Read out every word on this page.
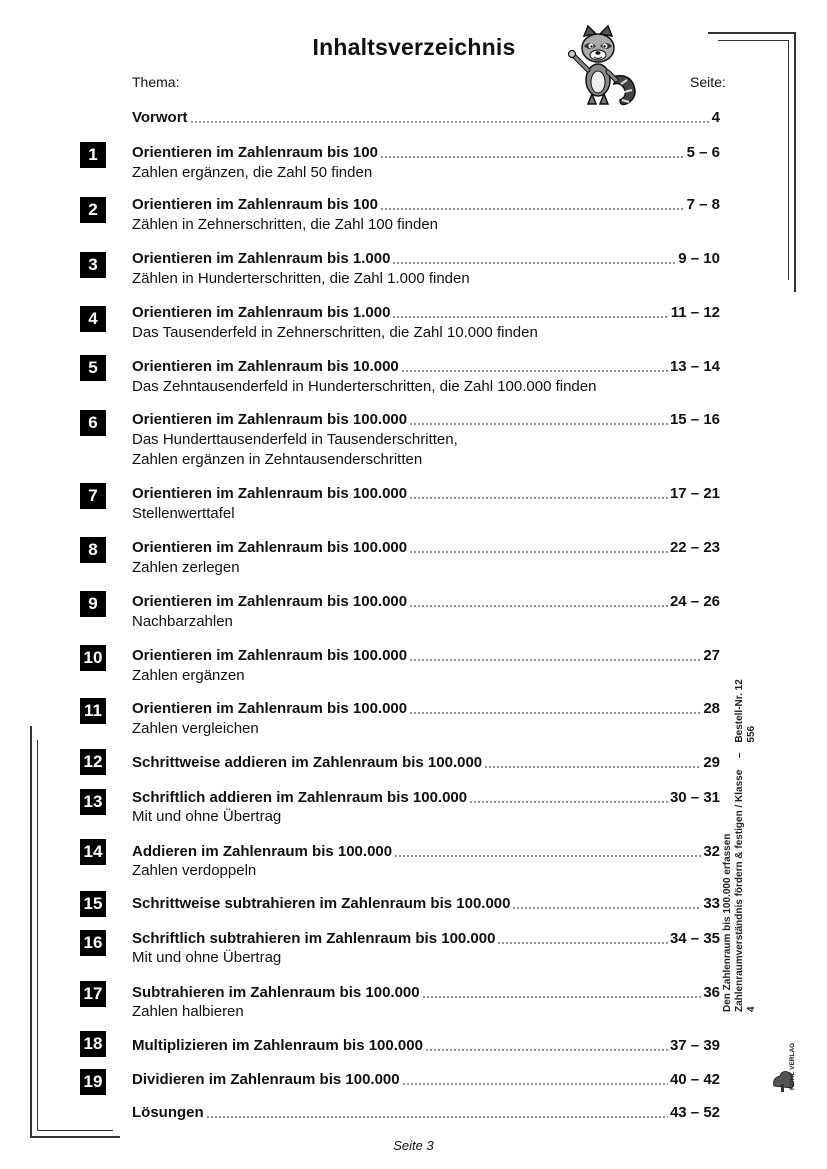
Inhaltsverzeichnis
Thema:	Seite:
Vorwort	4
1	Orientieren im Zahlenraum bis 100	5 – 6
Zahlen ergänzen, die Zahl 50 finden
2	Orientieren im Zahlenraum bis 100	7 – 8
Zählen in Zehnerschritten, die Zahl 100 finden
3	Orientieren im Zahlenraum bis 1.000	9 – 10
Zählen in Hunderterschritten, die Zahl 1.000 finden
4	Orientieren im Zahlenraum bis 1.000	11 – 12
Das Tausenderfeld in Zehnerschritten, die Zahl 10.000 finden
5	Orientieren im Zahlenraum bis 10.000	13 – 14
Das Zehntausenderfeld in Hunderterschritten, die Zahl 100.000 finden
6	Orientieren im Zahlenraum bis 100.000	15 – 16
Das Hunderttausenderfeld in Tausenderschritten,
Zahlen ergänzen in Zehntausenderschritten
7	Orientieren im Zahlenraum bis 100.000	17 – 21
Stellenwerttafel
8	Orientieren im Zahlenraum bis 100.000	22 – 23
Zahlen zerlegen
9	Orientieren im Zahlenraum bis 100.000	24 – 26
Nachbarzahlen
10 Orientieren im Zahlenraum bis 100.000	27
Zahlen ergänzen
11 Orientieren im Zahlenraum bis 100.000	28
Zahlen vergleichen
12 Schrittweise addieren im Zahlenraum bis 100.000	29
13 Schriftlich addieren im Zahlenraum bis 100.000	30 – 31
Mit und ohne Übertrag
14 Addieren im Zahlenraum bis 100.000	32
Zahlen verdoppeln
15 Schrittweise subtrahieren im Zahlenraum bis 100.000	33
16 Schriftlich subtrahieren im Zahlenraum bis 100.000	34 – 35
Mit und ohne Übertrag
17 Subtrahieren im Zahlenraum bis 100.000	36
Zahlen halbieren
18 Multiplizieren im Zahlenraum bis 100.000	37 – 39
19 Dividieren im Zahlenraum bis 100.000	40 – 42
Lösungen	43 – 52
Den Zahlenraum bis 100.000 erfassen Zahlenraumverständnis fördern & festigen / Klasse 4
–
Bestell-Nr. 12 556
KOHL VERLAG
Seite 3
